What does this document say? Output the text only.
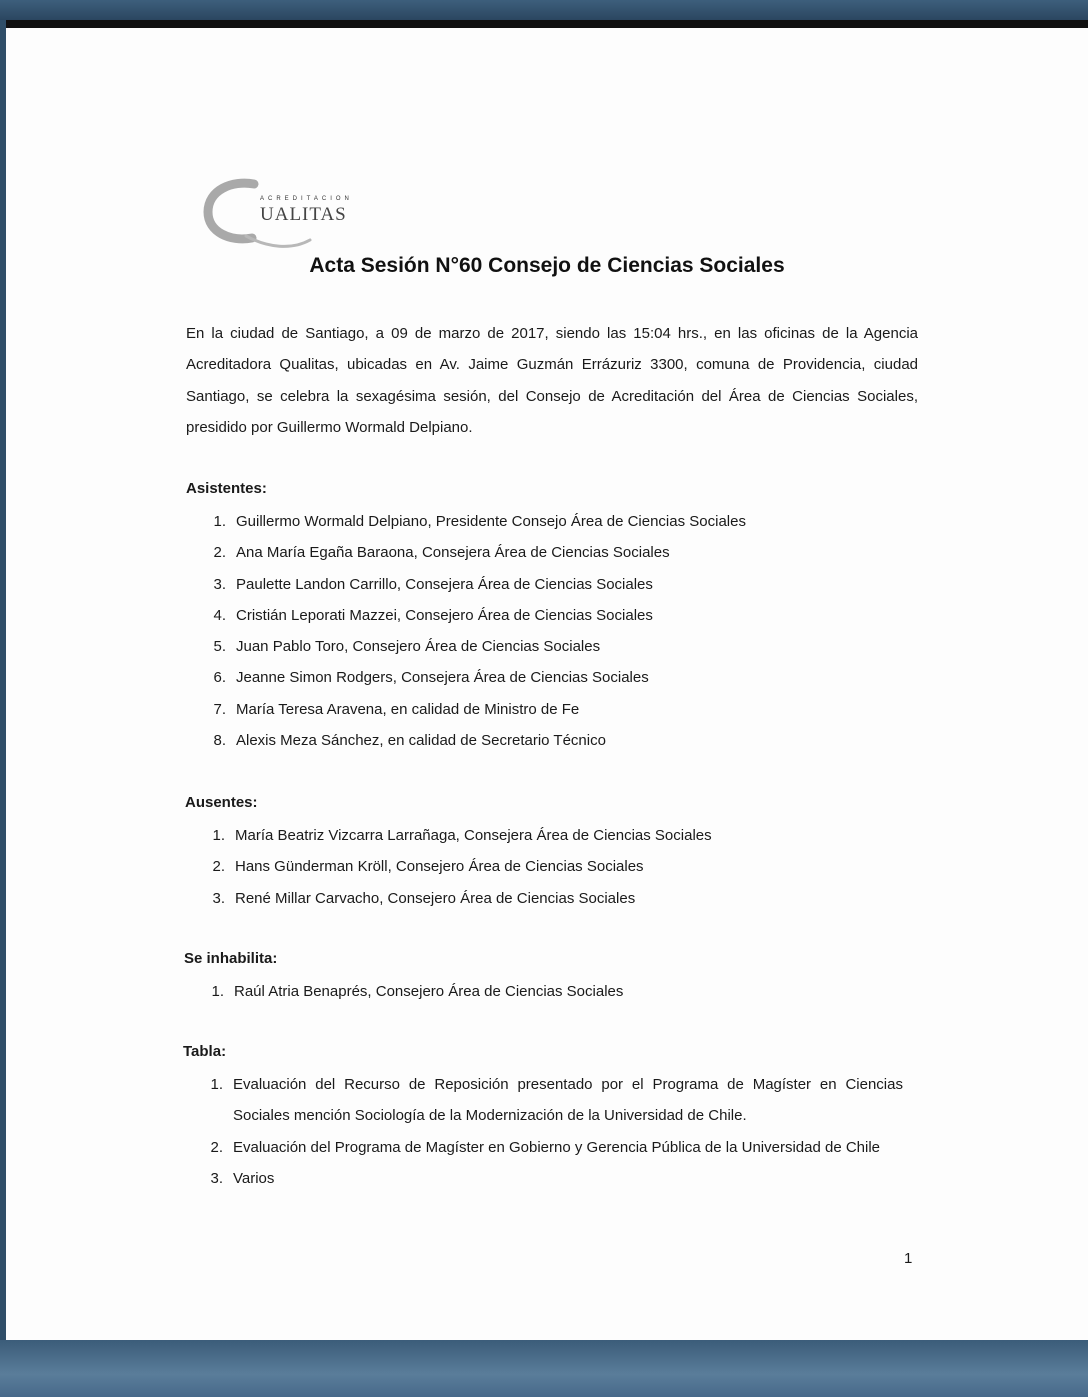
ACREDITACION
UALITAS
Acta Sesión N°60 Consejo de Ciencias Sociales

En la ciudad de Santiago, a 09 de marzo de 2017, siendo las 15:04 hrs., en las oficinas de la Agencia Acreditadora Qualitas, ubicadas en Av. Jaime Guzmán Errázuriz 3300, comuna de Providencia, ciudad Santiago, se celebra la sexagésima sesión, del Consejo de Acreditación del Área de Ciencias Sociales, presidido por Guillermo Wormald Delpiano.

Asistentes:
1. Guillermo Wormald Delpiano, Presidente Consejo Área de Ciencias Sociales
2. Ana María Egaña Baraona, Consejera Área de Ciencias Sociales
3. Paulette Landon Carrillo, Consejera Área de Ciencias Sociales
4. Cristián Leporati Mazzei, Consejero Área de Ciencias Sociales
5. Juan Pablo Toro, Consejero Área de Ciencias Sociales
6. Jeanne Simon Rodgers, Consejera Área de Ciencias Sociales
7. María Teresa Aravena, en calidad de Ministro de Fe
8. Alexis Meza Sánchez, en calidad de Secretario Técnico
Ausentes:
1. María Beatriz Vizcarra Larrañaga, Consejera Área de Ciencias Sociales
2. Hans Günderman Kröll, Consejero Área de Ciencias Sociales
3. René Millar Carvacho, Consejero Área de Ciencias Sociales
Se inhabilita:
1. Raúl Atria Benaprés, Consejero Área de Ciencias Sociales
Tabla:
1. Evaluación del Recurso de Reposición presentado por el Programa de Magíster en Ciencias Sociales mención Sociología de la Modernización de la Universidad de Chile.
2. Evaluación del Programa de Magíster en Gobierno y Gerencia Pública de la Universidad de Chile
3. Varios
1
